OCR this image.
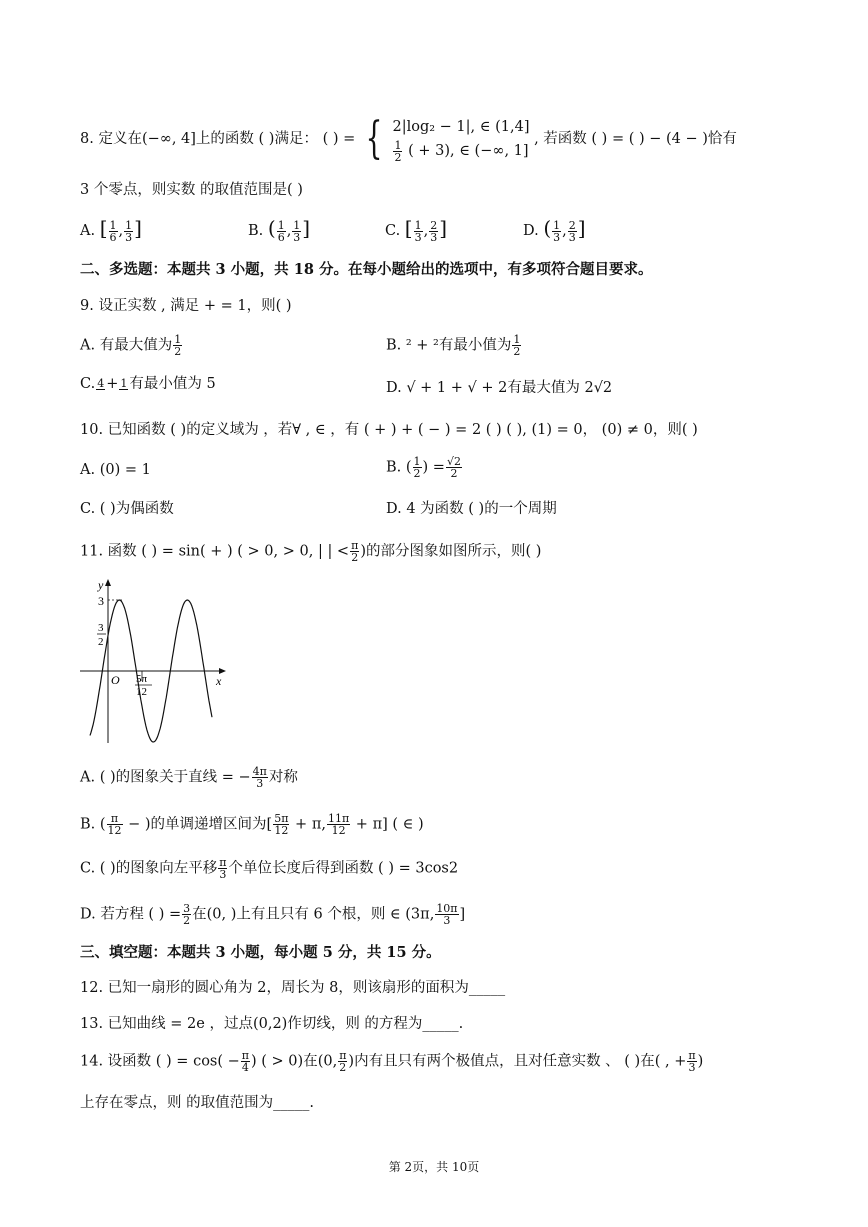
8. 定义在(−∞, 4]上的函数 ( )满足： ( ) = { 2|log₂ − 1|, ∈ (1,4]
$\frac{1}{2}$ ( + 3), ∈ (−∞, 1]
, 若函数 ( ) = ( ) − (4 − )恰有
3 个零点，则实数 的取值范围是( )
A. [ $\frac{1}{6}$ , $\frac{1}{3}$ ]	B. ( $\frac{1}{6}$ , $\frac{1}{3}$ ]	C. [ $\frac{1}{3}$ , $\frac{2}{3}$ ]	D. ( $\frac{1}{3}$ , $\frac{2}{3}$ ]
二、多选题：本题共 3 小题，共 18 分。在每小题给出的选项中，有多项符合题目要求。
9. 设正实数 , 满足 + = 1，则( )
A. 有最大值为 $\frac{1}{2}$	B. ² + ²有最小值为 $\frac{1}{2}$
C. 4 + 1 有最小值为 5	D. √ + 1 + √ + 2有最大值为 2√2
10. 已知函数 ( )的定义域为 ，若∀ , ∈ ，有 ( + ) + ( − ) = 2 ( ) ( ), (1) = 0， (0) ≠ 0，则( )
A. (0) = 1	B. ( $\frac{1}{2}$ ) = $\frac{√2}{2}$
C. ( )为偶函数	D. 4 为函数 ( )的一个周期
11. 函数 ( ) = sin( + ) ( > 0, > 0, | | < $\frac{\pi}{2}$ )的部分图象如图所示，则( )
y
x
O
3
3
2
5π
12
A. ( )的图象关于直线 = − $\frac{4\pi}{3}$ 对称
B. ( $\frac{\pi}{12}$ − )的单调递增区间为[ $\frac{5\pi}{12} + \pi$, $\frac{11\pi}{12} + \pi$] ( ∈ )
C. ( )的图象向左平移 $\frac{\pi}{3}$ 个单位长度后得到函数 ( ) = 3cos2
D. 若方程 ( ) = $\frac{3}{2}$ 在(0, )上有且只有 6 个根，则 ∈ (3π, $\frac{10\pi}{3}$ ]
三、填空题：本题共 3 小题，每小题 5 分，共 15 分。
12. 已知一扇形的圆心角为 2，周长为 8，则该扇形的面积为_____
13. 已知曲线 = 2e ，过点(0,2)作切线，则 的方程为_____.
14. 设函数 ( ) = $\cos( - \frac{\pi}{4}$ ) ( > 0)在(0, $\frac{\pi}{2}$ )内有且只有两个极值点，且对任意实数 、 ( )在( , + $\frac{\pi}{3}$ )
上存在零点，则 的取值范围为_____.
第 2页，共 10页
